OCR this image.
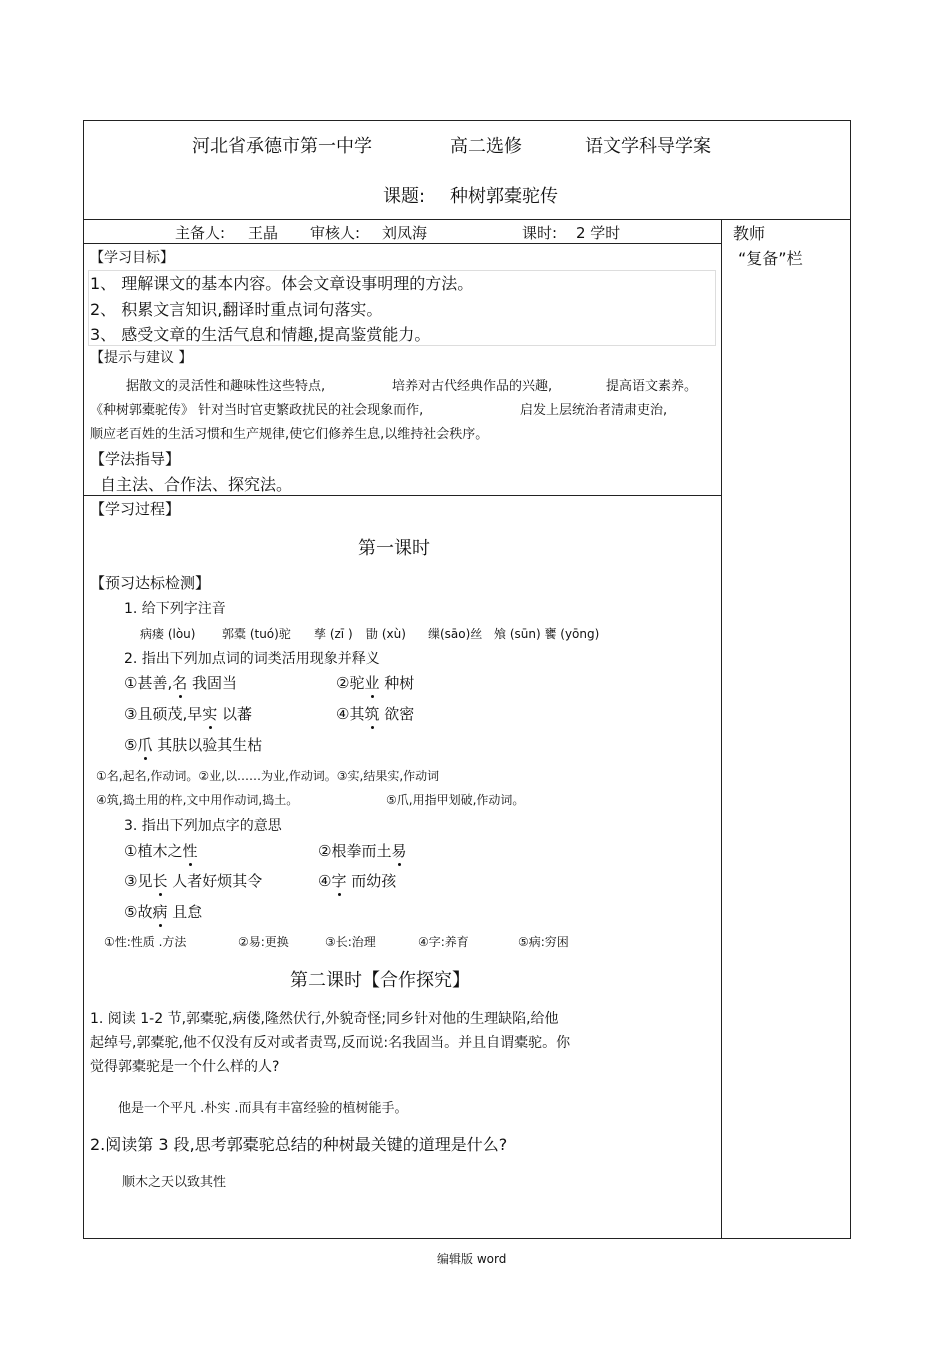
河北省承德市第一中学	高二选修	语文学科导学案
课题: 种树郭橐驼传
主备人: 王晶 审核人: 刘凤海	课时: 2 学时	教师
“复备”栏
【学习目标】
1、 理解课文的基本内容。体会文章设事明理的方法。
2、 积累文言知识,翻译时重点词句落实。
3、 感受文章的生活气息和情趣,提高鉴赏能力。
【提示与建议 】
据散文的灵活性和趣味性这些特点,	培养对古代经典作品的兴趣,	提高语文素养。
《种树郭橐驼传》 针对当时官吏繁政扰民的社会现象而作,	启发上层统治者清肃吏治,
顺应老百姓的生活习惯和生产规律,使它们修养生息,以维持社会秩序。
【学法指导】
自主法、合作法、探究法。
【学习过程】
第一课时
【预习达标检测】
1. 给下列字注音
病瘘 (lòu) 郭橐 (tuó)驼 孳 (zī ) 勖 (xù) 缫(sāo)丝 飧 (sūn) 饔 (yōng)
2. 指出下列加点词的词类活用现象并释义
①甚善,名 我固当	②驼业 种树
③且硕茂,早实 以蕃	④其筑 欲密
⑤爪 其肤以验其生枯
①名,起名,作动词。②业,以……为业,作动词。③实,结果实,作动词
④筑,捣土用的杵,文中用作动词,捣土。	⑤爪,用指甲划破,作动词。
3. 指出下列加点字的意思
①植木之性	②根拳而土易
③见长 人者好烦其令	④字 而幼孩
⑤故病 且怠
①性:性质 .方法	②易:更换	③长:治理	④字:养育	⑤病:穷困
第二课时【合作探究】
1. 阅读 1-2 节,郭橐驼,病偻,隆然伏行,外貌奇怪;同乡针对他的生理缺陷,给他
起绰号,郭橐驼,他不仅没有反对或者责骂,反而说:名我固当。并且自谓橐驼。你
觉得郭橐驼是一个什么样的人?
他是一个平凡 .朴实 .而具有丰富经验的植树能手。
2.阅读第 3 段,思考郭橐驼总结的种树最关键的道理是什么?
顺木之天以致其性
编辑版 word
